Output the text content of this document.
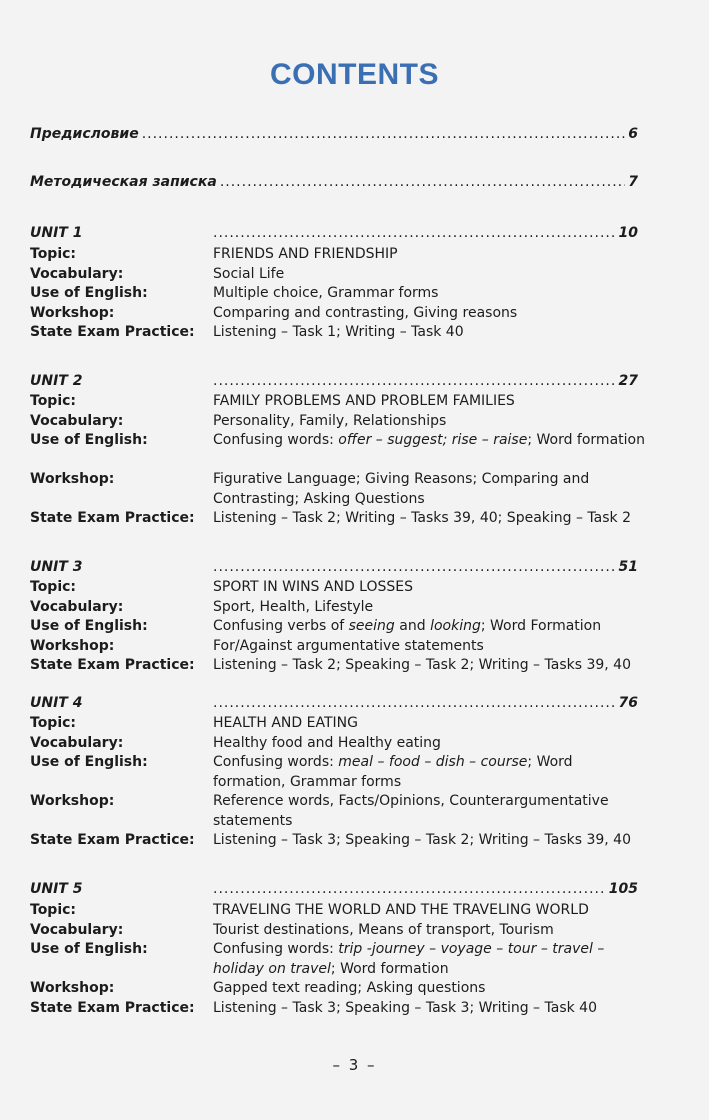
CONTENTS
Предисловие .....	6
Методическая записка .....	7
UNIT 1 .....	10
Topic:	FRIENDS AND FRIENDSHIP
Vocabulary:	Social Life
Use of English:	Multiple choice, Grammar forms
Workshop:	Comparing and contrasting, Giving reasons
State Exam Practice: Listening – Task 1; Writing – Task 40
UNIT 2 .....	27
Topic:	FAMILY PROBLEMS AND PROBLEM FAMILIES
Vocabulary:	Personality, Family, Relationships
Use of English:	Confusing words: offer – suggest; rise – raise; Word formation
Workshop:	Figurative Language; Giving Reasons; Comparing and Contrasting; Asking Questions
State Exam Practice: Listening – Task 2; Writing – Tasks 39, 40; Speaking – Task 2
UNIT 3 .....	51
Topic:	SPORT IN WINS AND LOSSES
Vocabulary:	Sport, Health, Lifestyle
Use of English:	Confusing verbs of seeing and looking; Word Formation
Workshop:	For/Against argumentative statements
State Exam Practice: Listening – Task 2; Speaking – Task 2; Writing – Tasks 39, 40
UNIT 4 .....	76
Topic:	HEALTH AND EATING
Vocabulary:	Healthy food and Healthy eating
Use of English:	Confusing words: meal – food – dish – course; Word formation, Grammar forms
Workshop:	Reference words, Facts/Opinions, Counterargumentative statements
State Exam Practice: Listening – Task 3; Speaking – Task 2; Writing – Tasks 39, 40
UNIT 5 .....	105
Topic:	TRAVELING THE WORLD AND THE TRAVELING WORLD
Vocabulary:	Tourist destinations, Means of transport, Tourism
Use of English:	Confusing words: trip -journey – voyage – tour – travel – holiday on travel; Word formation
Workshop:	Gapped text reading; Asking questions
State Exam Practice: Listening – Task 3; Speaking – Task 3; Writing – Task 40
– 3 –
